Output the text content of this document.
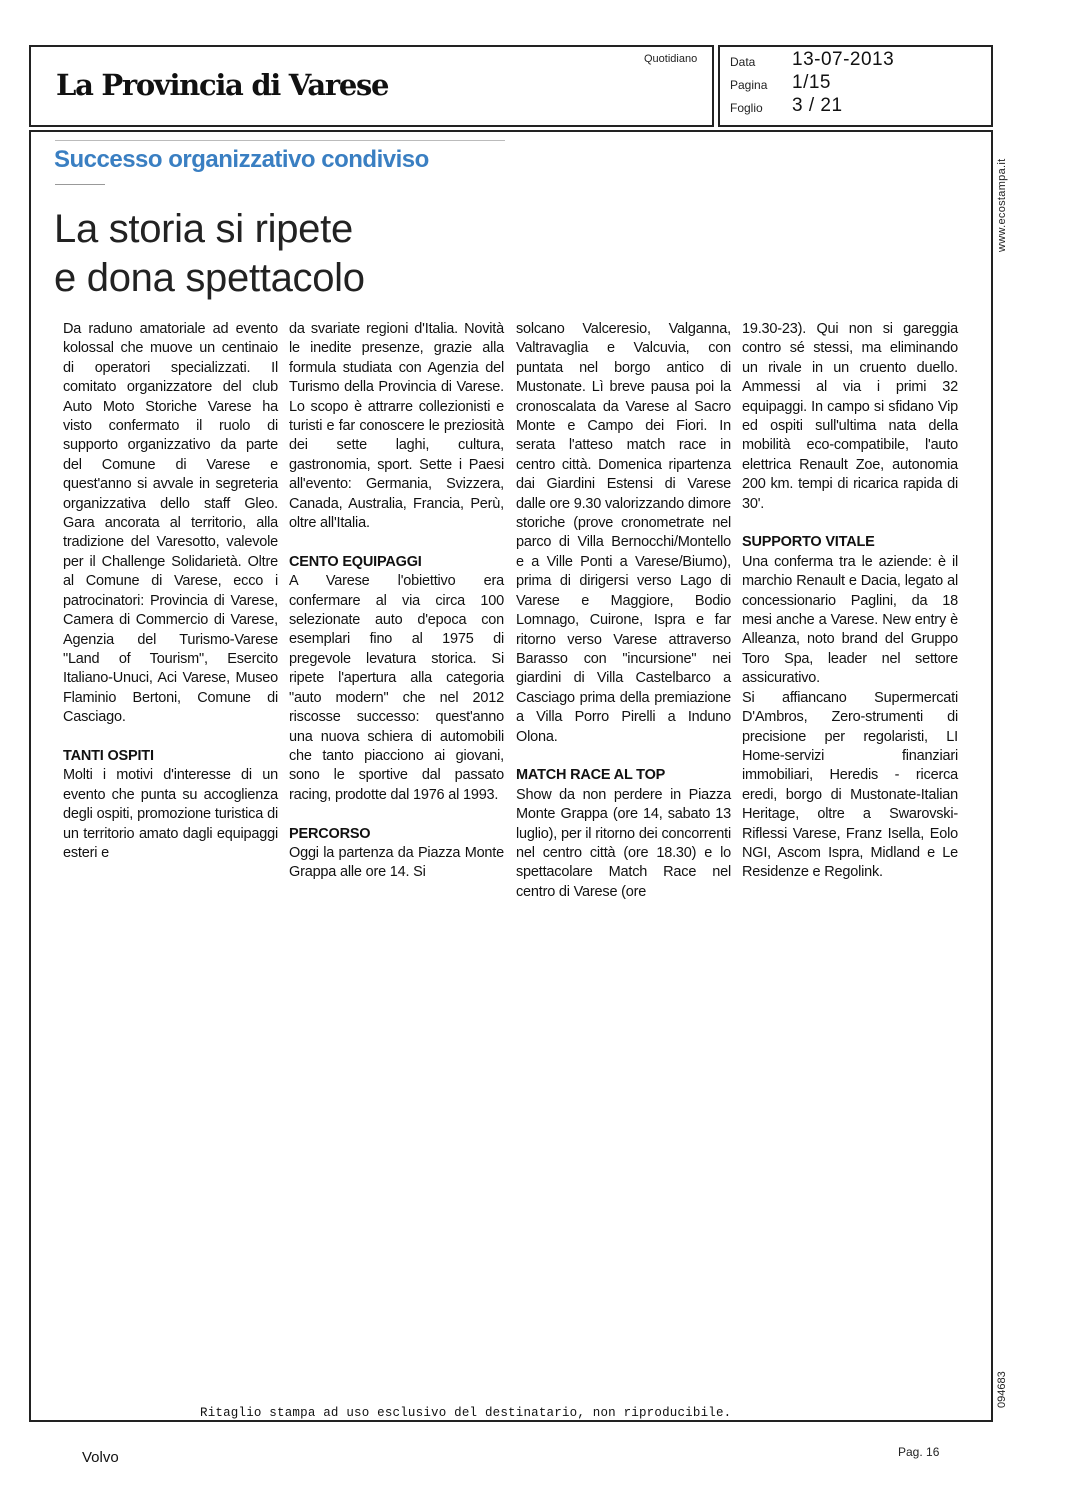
La Provincia di Varese
Quotidiano	Data 13-07-2013
Pagina 1/15
Foglio 3 / 21
Successo organizzativo condiviso
La storia si ripete
e dona spettacolo

Da raduno amatoriale ad evento kolossal che muove un centinaio di operatori specializzati. Il comitato organizzatore del club Auto Moto Storiche Varese ha visto confermato il ruolo di supporto organizzativo da parte del Comune di Varese e quest'anno si avvale in segreteria organizzativa dello staff Gleo. Gara ancorata al territorio, alla tradizione del Varesotto, valevole per il Challenge Solidarietà. Oltre al Comune di Varese, ecco i patrocinatori: Provincia di Varese, Camera di Commercio di Varese, Agenzia del Turismo-Varese "Land of Tourism", Esercito Italiano-Unuci, Aci Varese, Museo Flaminio Bertoni, Comune di Casciago.

TANTI OSPITI

Molti i motivi d'interesse di un evento che punta su accoglienza degli ospiti, promozione turistica di un territorio amato dagli equipaggi esteri e

da svariate regioni d'Italia. Novità le inedite presenze, grazie alla formula studiata con Agenzia del Turismo della Provincia di Varese. Lo scopo è attrarre collezionisti e turisti e far conoscere le preziosità dei sette laghi, cultura, gastronomia, sport. Sette i Paesi all'evento: Germania, Svizzera, Canada, Australia, Francia, Perù, oltre all'Italia.

CENTO EQUIPAGGI

A Varese l'obiettivo era confermare al via circa 100 selezionate auto d'epoca con esemplari fino al 1975 di pregevole levatura storica. Si ripete l'apertura alla categoria "auto modern" che nel 2012 riscosse successo: quest'anno una nuova schiera di automobili che tanto piacciono ai giovani, sono le sportive dal passato racing, prodotte dal 1976 al 1993.

PERCORSO

Oggi la partenza da Piazza Monte Grappa alle ore 14. Si

solcano Valceresio, Valganna, Valtravaglia e Valcuvia, con puntata nel borgo antico di Mustonate. Lì breve pausa poi la cronoscalata da Varese al Sacro Monte e Campo dei Fiori. In serata l'atteso match race in centro città. Domenica ripartenza dai Giardini Estensi di Varese dalle ore 9.30 valorizzando dimore storiche (prove cronometrate nel parco di Villa Bernocchi/Montello e a Ville Ponti a Varese/Biumo), prima di dirigersi verso Lago di Varese e Maggiore, Bodio Lomnago, Cuirone, Ispra e far ritorno verso Varese attraverso Barasso con "incursione" nei giardini di Villa Castelbarco a Casciago prima della premiazione a Villa Porro Pirelli a Induno Olona.

MATCH RACE AL TOP

Show da non perdere in Piazza Monte Grappa (ore 14, sabato 13 luglio), per il ritorno dei concorrenti nel centro città (ore 18.30) e lo spettacolare Match Race nel centro di Varese (ore

19.30-23). Qui non si gareggia contro sé stessi, ma eliminando un rivale in un cruento duello. Ammessi al via i primi 32 equipaggi. In campo si sfidano Vip ed ospiti sull'ultima nata della mobilità eco-compatibile, l'auto elettrica Renault Zoe, autonomia 200 km. tempi di ricarica rapida di 30'.

SUPPORTO VITALE

Una conferma tra le aziende: è il marchio Renault e Dacia, legato al concessionario Paglini, da 18 mesi anche a Varese. New entry è Alleanza, noto brand del Gruppo Toro Spa, leader nel settore assicurativo.

Si affiancano Supermercati D'Ambros, Zero-strumenti di precisione per regolaristi, LI Home-servizi finanziari immobiliari, Heredis - ricerca eredi, borgo di Mustonate-Italian Heritage, oltre a Swarovski-Riflessi Varese, Franz Isella, Eolo NGI, Ascom Ispra, Midland e Le Residenze e Regolink.

www.ecostampa.it
094683
Ritaglio stampa ad uso esclusivo del destinatario, non riproducibile.
Volvo	Pag. 16
